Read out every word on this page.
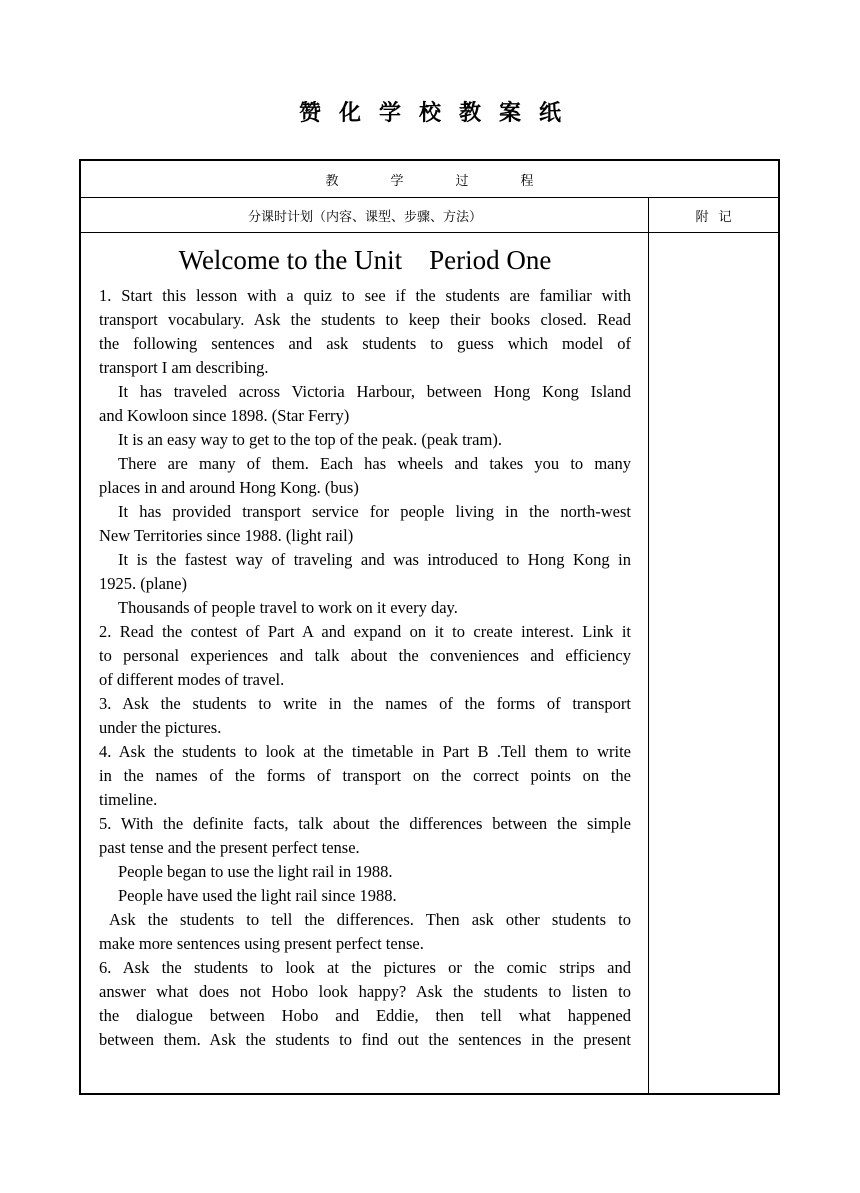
赞化学校教案纸
教	学	过	程
分课时计划（内容、课型、步骤、方法）	附记
Welcome to the Unit    Period One
1. Start this lesson with a quiz to see if the students are familiar with
transport vocabulary. Ask the students to keep their books closed. Read
the following sentences and ask students to guess which model of
transport I am describing.
It has traveled across Victoria Harbour, between Hong Kong Island
and Kowloon since 1898. (Star Ferry)
It is an easy way to get to the top of the peak. (peak tram).
There are many of them. Each has wheels and takes you to many
places in and around Hong Kong. (bus)
It has provided transport service for people living in the north-west
New Territories since 1988. (light rail)
It is the fastest way of traveling and was introduced to Hong Kong in
1925. (plane)
Thousands of people travel to work on it every day.
2. Read the contest of Part A and expand on it to create interest. Link it
to personal experiences and talk about the conveniences and efficiency
of different modes of travel.
3. Ask the students to write in the names of the forms of transport
under the pictures.
4. Ask the students to look at the timetable in Part B .Tell them to write
in the names of the forms of transport on the correct points on the
timeline.
5. With the definite facts, talk about the differences between the simple
past tense and the present perfect tense.
People began to use the light rail in 1988.
People have used the light rail since 1988.
Ask the students to tell the differences. Then ask other students to
make more sentences using present perfect tense.
6. Ask the students to look at the pictures or the comic strips and
answer what does not Hobo look happy? Ask the students to listen to
the dialogue between Hobo and Eddie, then tell what happened
between them. Ask the students to find out the sentences in the present
